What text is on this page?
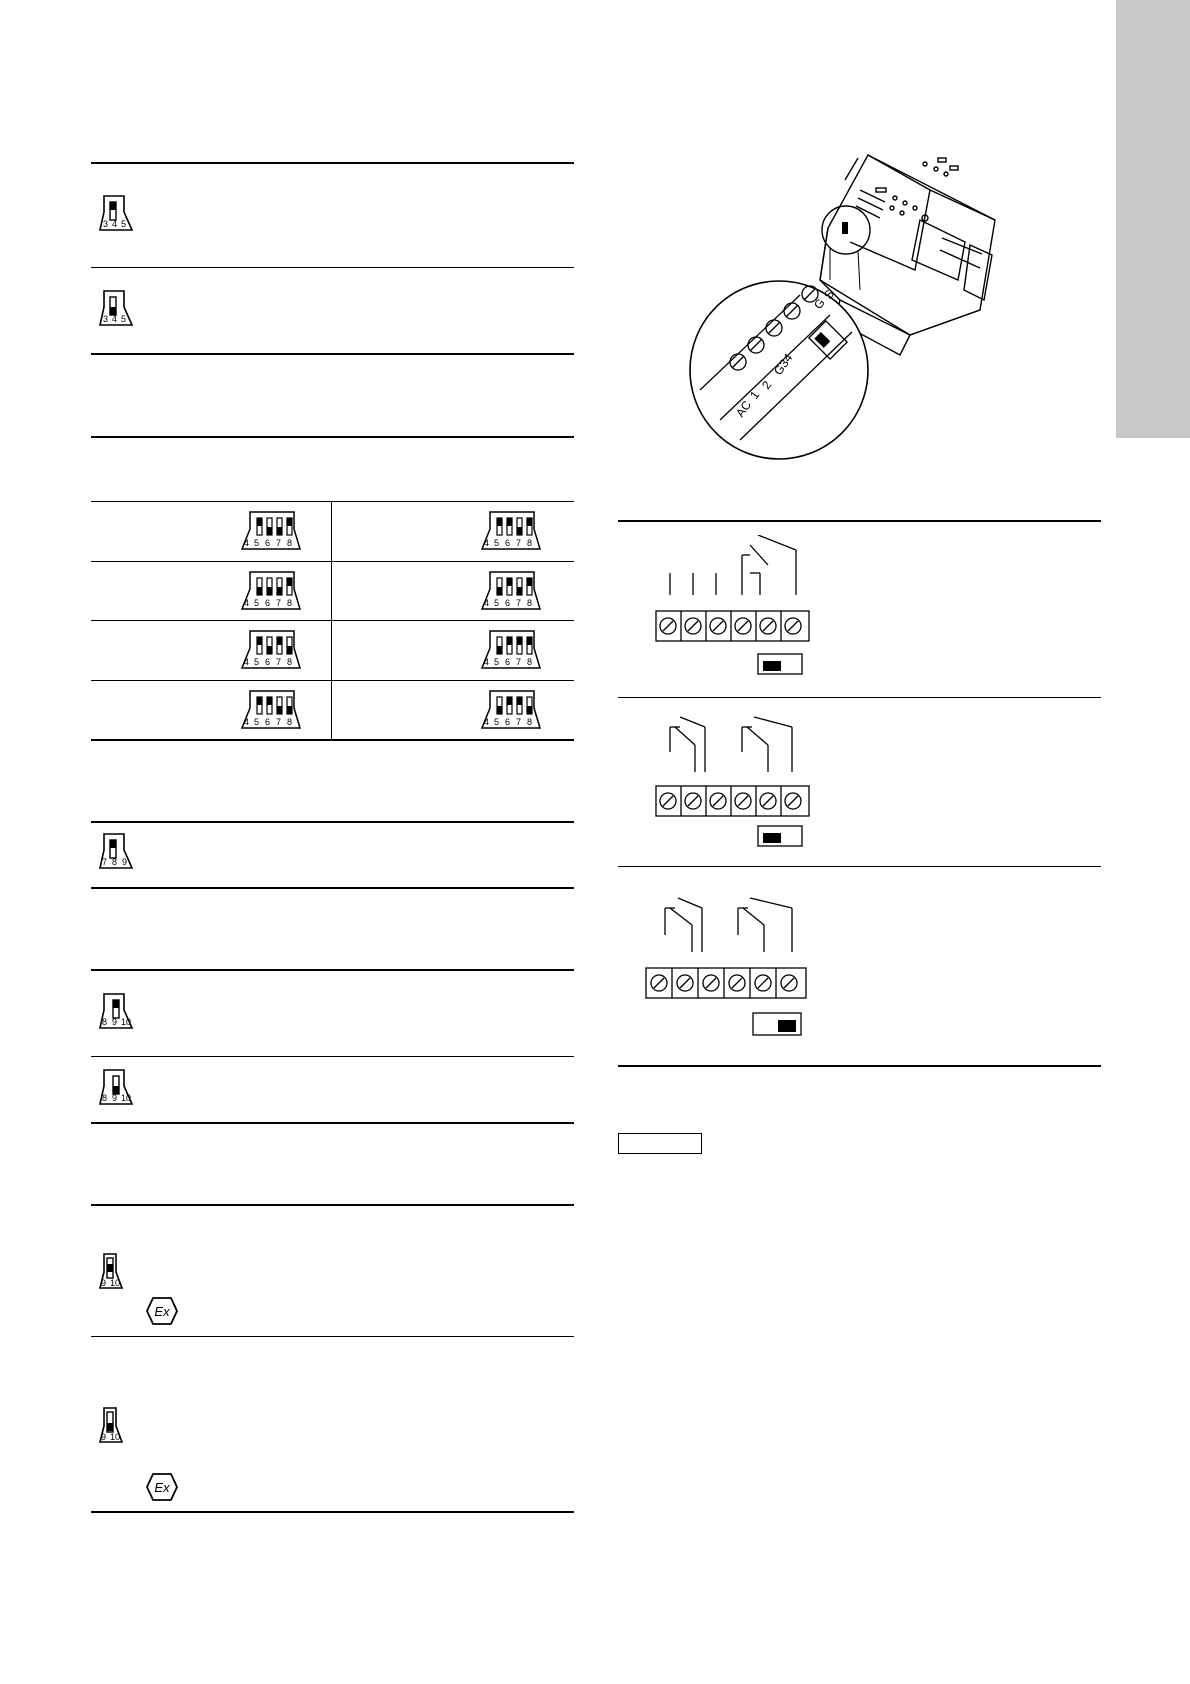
3 4 5
3 4 5
4 5 6 7 8	4 5 6 7 8
4 5 6 7 8	4 5 6 7 8
4 5 6 7 8	4 5 6 7 8
4 5 6 7 8	4 5 6 7 8
7 8 9
8 9 10
8 9 10
9 10
Ex
9 10
Ex
AC
1
2
G34
G
S
